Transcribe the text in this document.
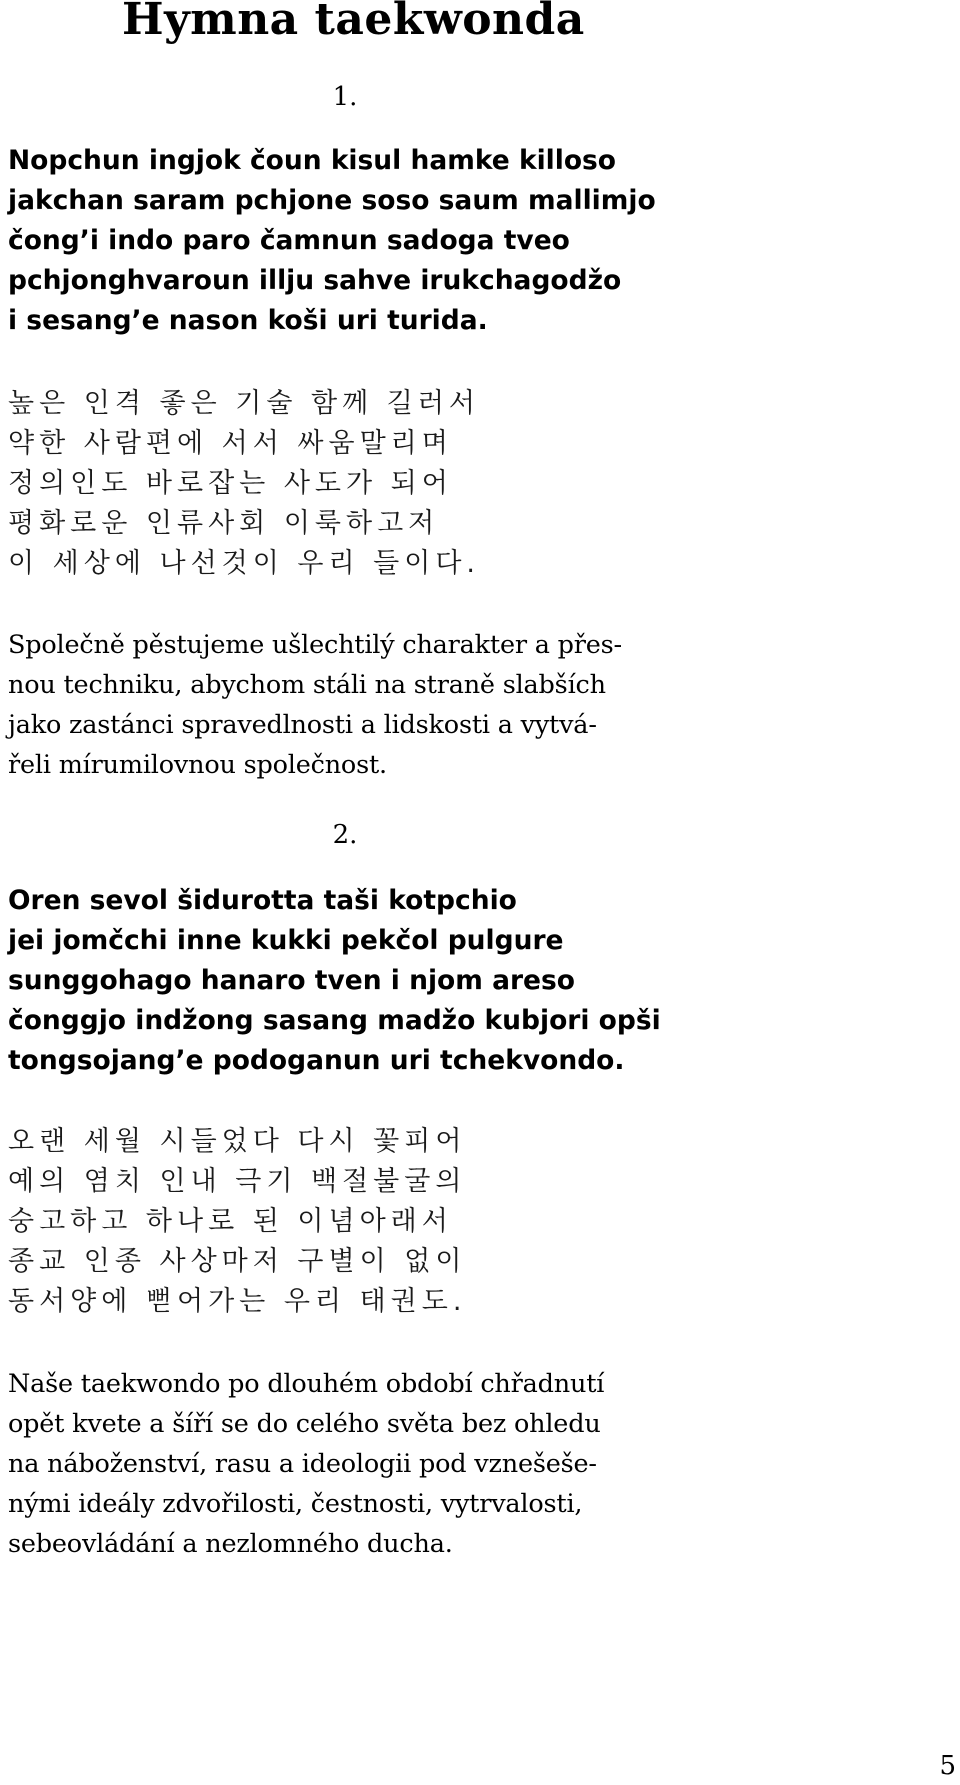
Hymna taekwonda
1.
Nopchun ingjok čoun kisul hamke killoso
jakchan saram pchjone soso saum mallimjo
čong’i indo paro čamnun sadoga tveo
pchjonghvaroun illju sahve irukchagodžo
i sesang’e nason koši uri turida.
높은 인격 좋은 기술 함께 길러서
약한 사람편에 서서 싸움말리며
정의인도 바로잡는 사도가 되어
평화로운 인류사회 이룩하고저
이 세상에 나선것이 우리 들이다.
Společně pěstujeme ušlechtilý charakter a přes-
nou techniku, abychom stáli na straně slabších
jako zastánci spravedlnosti a lidskosti a vytvá-
řeli mírumilovnou společnost.
2.
Oren sevol šidurotta taši kotpchio
jei jomčchi inne kukki pekčol pulgure
sunggohago hanaro tven i njom areso
čonggjo indžong sasang madžo kubjori opši
tongsojang’e podoganun uri tchekvondo.
오랜 세월 시들었다 다시 꽃피어
예의 염치 인내 극기 백절불굴의
숭고하고 하나로 된 이념아래서
종교 인종 사상마저 구별이 없이
동서양에 뻗어가는 우리 태권도.
Naše taekwondo po dlouhém období chřadnutí
opět kvete a šíří se do celého světa bez ohledu
na náboženství, rasu a ideologii pod vznešeše-
nými ideály zdvořilosti, čestnosti, vytrvalosti,
sebeovládání a nezlomného ducha.
5
